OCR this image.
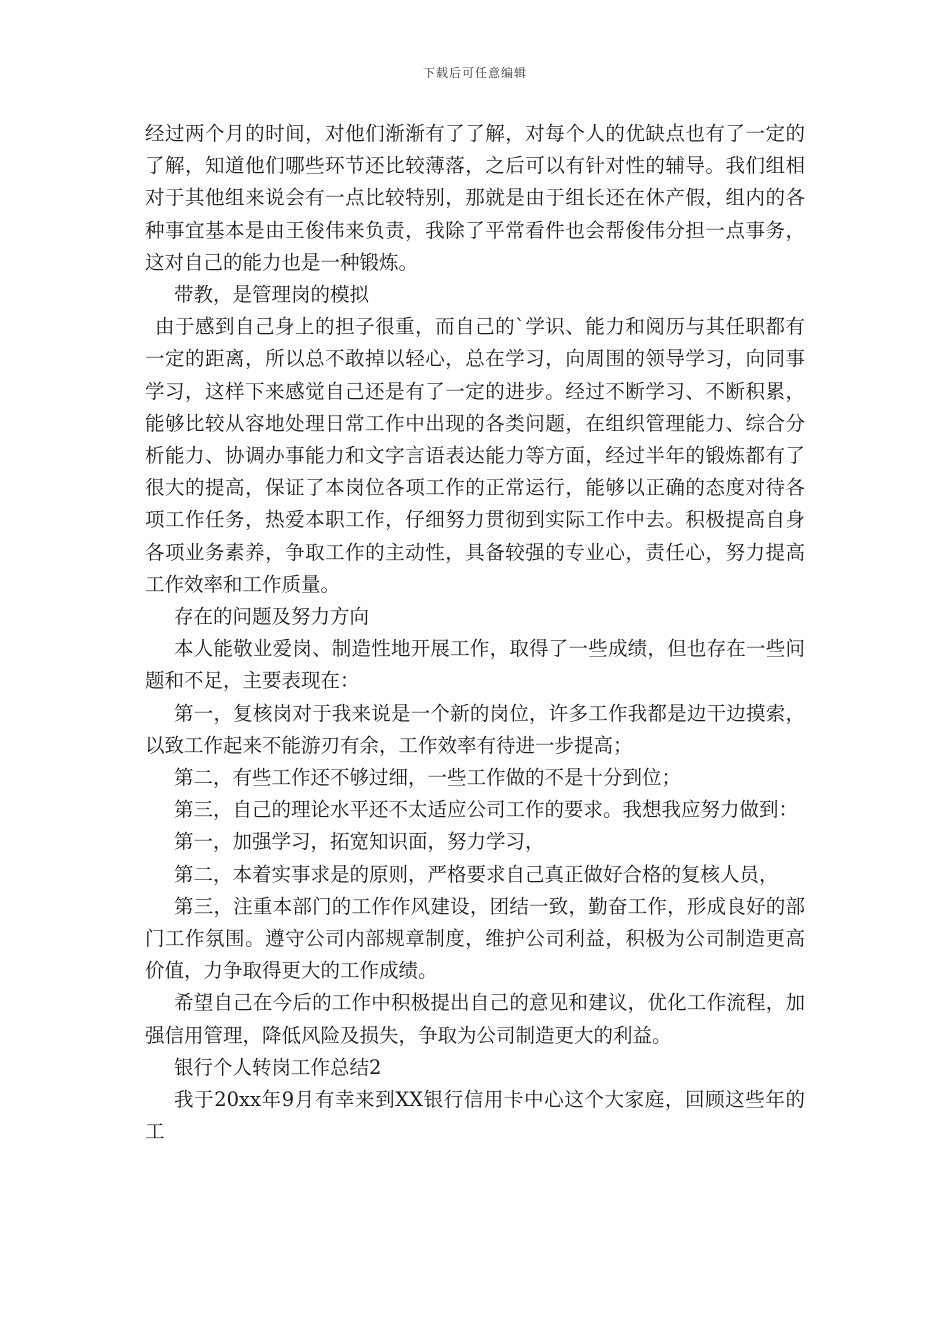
下载后可任意编辑

经过两个月的时间，对他们渐渐有了了解，对每个人的优缺点也有了一定的了解，知道他们哪些环节还比较薄落，之后可以有针对性的辅导。我们组相对于其他组来说会有一点比较特别，那就是由于组长还在休产假，组内的各种事宜基本是由王俊伟来负责，我除了平常看件也会帮俊伟分担一点事务，这对自己的能力也是一种锻炼。

带教，是管理岗的模拟

由于感到自己身上的担子很重，而自己的`学识、能力和阅历与其任职都有一定的距离，所以总不敢掉以轻心，总在学习，向周围的领导学习，向同事学习，这样下来感觉自己还是有了一定的进步。经过不断学习、不断积累，能够比较从容地处理日常工作中出现的各类问题，在组织管理能力、综合分析能力、协调办事能力和文字言语表达能力等方面，经过半年的锻炼都有了很大的提高，保证了本岗位各项工作的正常运行，能够以正确的态度对待各项工作任务，热爱本职工作，仔细努力贯彻到实际工作中去。积极提高自身各项业务素养，争取工作的主动性，具备较强的专业心，责任心，努力提高工作效率和工作质量。

存在的问题及努力方向

本人能敬业爱岗、制造性地开展工作，取得了一些成绩，但也存在一些问题和不足，主要表现在：

第一，复核岗对于我来说是一个新的岗位，许多工作我都是边干边摸索，以致工作起来不能游刃有余，工作效率有待进一步提高；

第二，有些工作还不够过细，一些工作做的不是十分到位；

第三，自己的理论水平还不太适应公司工作的要求。我想我应努力做到：

第一，加强学习，拓宽知识面，努力学习，

第二，本着实事求是的原则，严格要求自己真正做好合格的复核人员，

第三，注重本部门的工作作风建设，团结一致，勤奋工作，形成良好的部门工作氛围。遵守公司内部规章制度，维护公司利益，积极为公司制造更高价值，力争取得更大的工作成绩。

希望自己在今后的工作中积极提出自己的意见和建议，优化工作流程，加强信用管理，降低风险及损失，争取为公司制造更大的利益。

银行个人转岗工作总结2

我于20xx年9月有幸来到XX银行信用卡中心这个大家庭，回顾这些年的工
